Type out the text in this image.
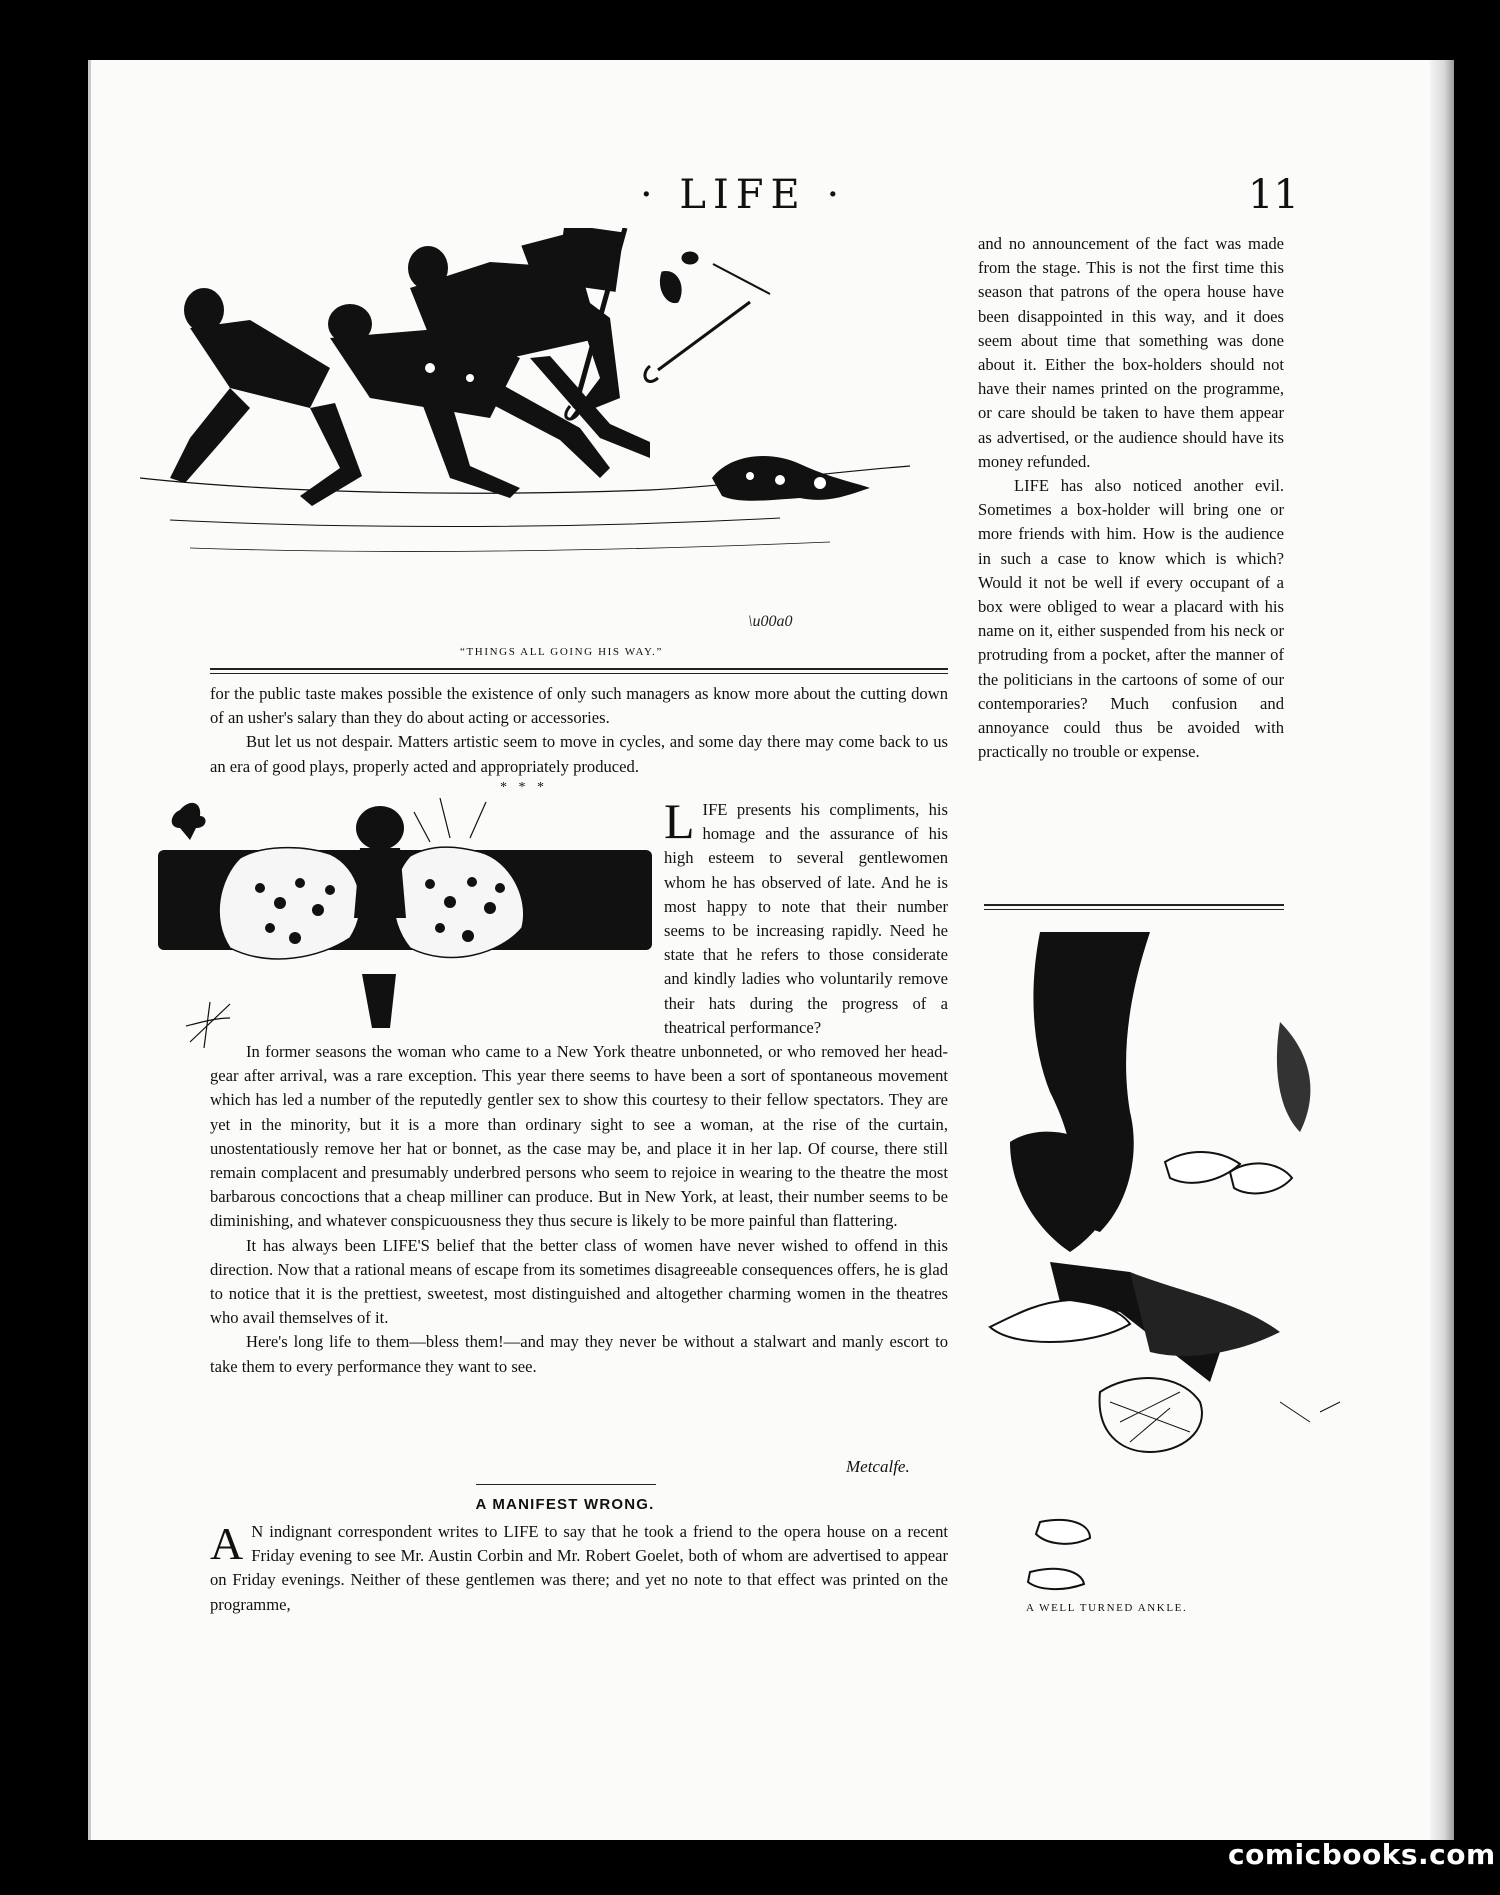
· LIFE ·	11
\u00a0
“THINGS ALL GOING HIS WAY.”

for the public taste makes possible the existence of only such managers as know more about the cutting down of an usher's salary than they do about acting or accessories.

But let us not despair. Matters artistic seem to move in cycles, and some day there may come back to us an era of good plays, properly acted and appropriately produced.

* * *
LIFE presents his compliments, his homage and the assurance of his high esteem to several gentlewomen whom he has observed of late. And he is most happy to note that their number seems to be increasing rapidly. Need he state that he refers to those considerate and kindly ladies who voluntarily remove their hats during the progress of a theatrical performance?

In former seasons the woman who came to a New York theatre unbonneted, or who removed her head-gear after arrival, was a rare exception. This year there seems to have been a sort of spontaneous movement which has led a number of the reputedly gentler sex to show this courtesy to their fellow spectators. They are yet in the minority, but it is a more than ordinary sight to see a woman, at the rise of the curtain, unostentatiously remove her hat or bonnet, as the case may be, and place it in her lap. Of course, there still remain complacent and presumably underbred persons who seem to rejoice in wearing to the theatre the most barbarous concoctions that a cheap milliner can produce. But in New York, at least, their number seems to be diminishing, and whatever conspicuousness they thus secure is likely to be more painful than flattering.

It has always been LIFE'S belief that the better class of women have never wished to offend in this direction. Now that a rational means of escape from its sometimes disagreeable consequences offers, he is glad to notice that it is the prettiest, sweetest, most distinguished and altogether charming women in the theatres who avail themselves of it.

Here's long life to them—bless them!—and may they never be without a stalwart and manly escort to take them to every performance they want to see.

Metcalfe.
A MANIFEST WRONG.
A N indignant correspondent writes to LIFE to say that he took a friend to the opera house on a recent Friday evening to see Mr. Austin Corbin and Mr. Robert Goelet, both of whom are advertised to appear on Friday evenings. Neither of these gentlemen was there; and yet no note to that effect was printed on the programme,

and no announcement of the fact was made from the stage. This is not the first time this season that patrons of the opera house have been disappointed in this way, and it does seem about time that something was done about it. Either the box-holders should not have their names printed on the programme, or care should be taken to have them appear as advertised, or the audience should have its money refunded.

LIFE has also noticed another evil. Sometimes a box-holder will bring one or more friends with him. How is the audience in such a case to know which is which? Would it not be well if every occupant of a box were obliged to wear a placard with his name on it, either suspended from his neck or protruding from a pocket, after the manner of the politicians in the cartoons of some of our contemporaries? Much confusion and annoyance could thus be avoided with practically no trouble or expense.

A WELL TURNED ANKLE.
comicbooks.com
